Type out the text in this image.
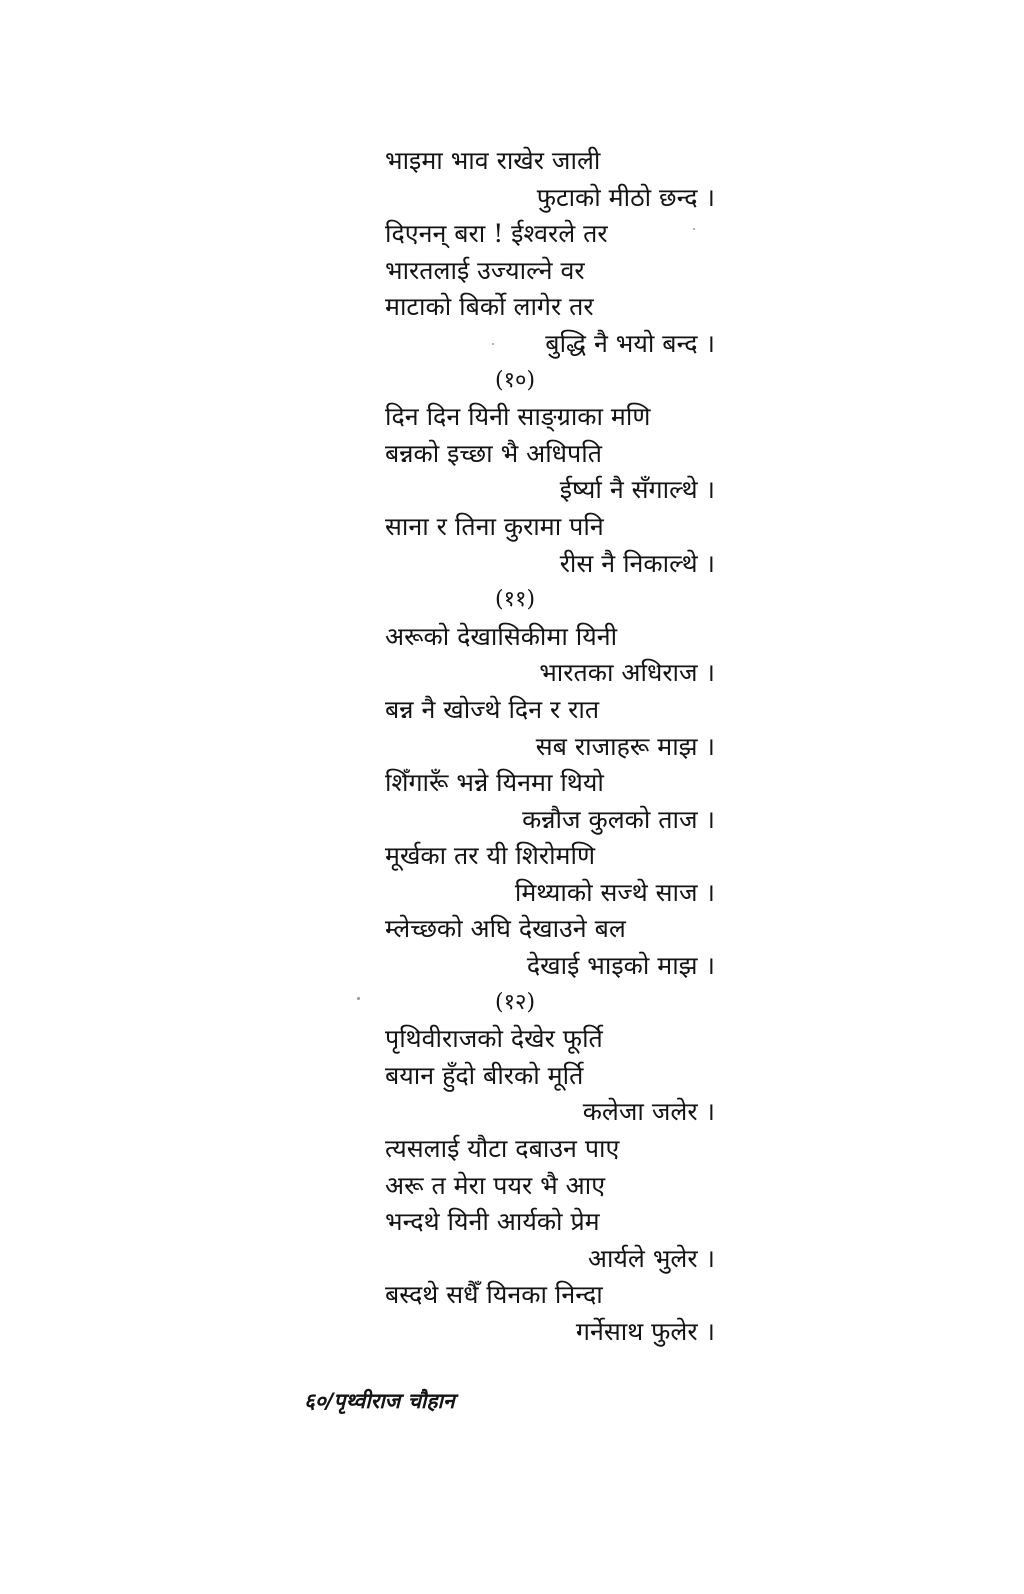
भाइमा भाव राखेर जाली
फुटाको मीठो छन्द ।
दिएनन् बरा ! ईश्वरले तर
भारतलाई उज्याल्ने वर
माटाको बिर्को लागेर तर
बुद्धि नै भयो बन्द ।
(१०)
दिन दिन यिनी साङ्ग्राका मणि
बन्नको इच्छा भै अधिपति
ईर्ष्या नै सँगाल्थे ।
साना र तिना कुरामा पनि
रीस नै निकाल्थे ।
(११)
अरूको देखासिकीमा यिनी
भारतका अधिराज ।
बन्न नै खोज्थे दिन र रात
सब राजाहरू माझ ।
शिँगारूँ भन्ने यिनमा थियो
कन्नौज कुलको ताज ।
मूर्खका तर यी शिरोमणि
मिथ्याको सज्थे साज ।
म्लेच्छको अघि देखाउने बल
देखाई भाइको माझ ।
(१२)
पृथिवीराजको देखेर फूर्ति
बयान हुँदो बीरको मूर्ति
कलेजा जलेर ।
त्यसलाई यौटा दबाउन पाए
अरू त मेरा पयर भै आए
भन्दथे यिनी आर्यको प्रेम
आर्यले भुलेर ।
बस्दथे सधैँ यिनका निन्दा
गर्नेसाथ फुलेर ।
६०/पृथ्वीराज चौहान
